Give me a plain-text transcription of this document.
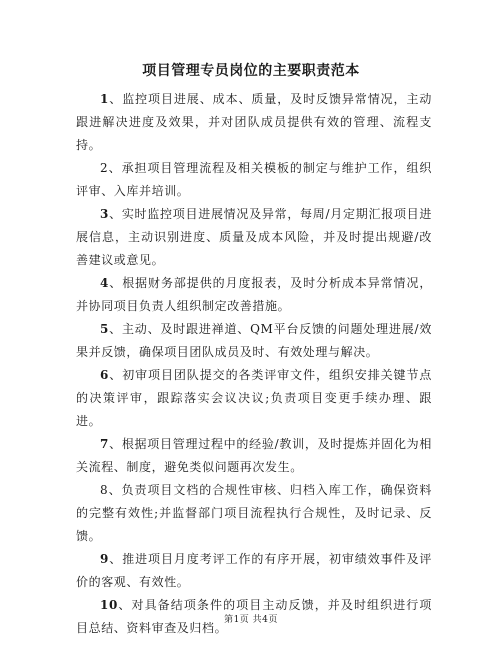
项目管理专员岗位的主要职责范本

1、监控项目进展、成本、质量，及时反馈异常情况，主动跟进解决进度及效果，并对团队成员提供有效的管理、流程支持。

2、承担项目管理流程及相关模板的制定与维护工作，组织评审、入库并培训。

3、实时监控项目进展情况及异常，每周/月定期汇报项目进展信息，主动识别进度、质量及成本风险，并及时提出规避/改善建议或意见。

4、根据财务部提供的月度报表，及时分析成本异常情况，并协同项目负责人组织制定改善措施。

5、主动、及时跟进禅道、QM平台反馈的问题处理进展/效果并反馈，确保项目团队成员及时、有效处理与解决。

6、初审项目团队提交的各类评审文件，组织安排关键节点的决策评审，跟踪落实会议决议;负责项目变更手续办理、跟进。

7、根据项目管理过程中的经验/教训，及时提炼并固化为相关流程、制度，避免类似问题再次发生。

8、负责项目文档的合规性审核、归档入库工作，确保资料的完整有效性;并监督部门项目流程执行合规性，及时记录、反馈。

9、推进项目月度考评工作的有序开展，初审绩效事件及评价的客观、有效性。

10、对具备结项条件的项目主动反馈，并及时组织进行项目总结、资料审查及归档。

第1页 共4页
